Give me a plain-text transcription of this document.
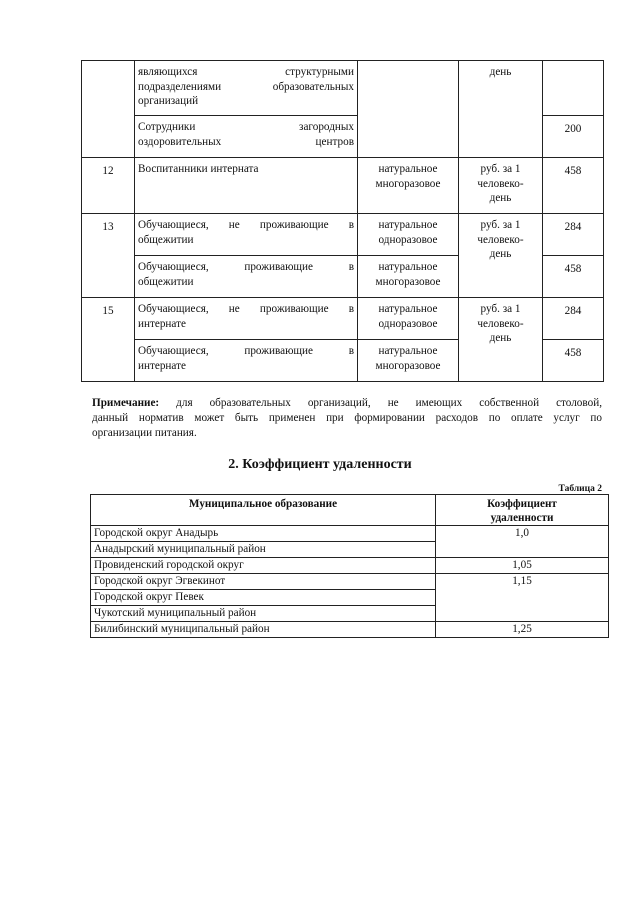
	являющихся структурными
подразделениями образовательных
организаций		день	

	Сотрудники загородных
оздоровительных центров			200
12	Воспитанники интерната	натуральное
многоразовое	руб. за 1
человеко-
день	458
13	Обучающиеся, не проживающие в
общежитии	натуральное
одноразовое	руб. за 1
человеко-
день	284

	Обучающиеся, проживающие в
общежитии	натуральное
многоразовое		458
15	Обучающиеся, не проживающие в
интернате	натуральное
одноразовое	руб. за 1
человеко-
день	284

	Обучающиеся, проживающие в
интернате	натуральное
многоразовое		458
Примечание: для образовательных организаций, не имеющих собственной столовой,
данный норматив может быть применен при формировании расходов по оплате услуг по
организации питания.
2. Коэффициент удаленности
Таблица 2
Муниципальное образование	Коэффициент
удаленности

Городской округ Анадырь	1,0
Анадырский муниципальный район	
Провиденский городской округ	1,05
Городской округ Эгвекинот	1,15
Городской округ Певек	
Чукотский муниципальный район	
Билибинский муниципальный район	1,25
